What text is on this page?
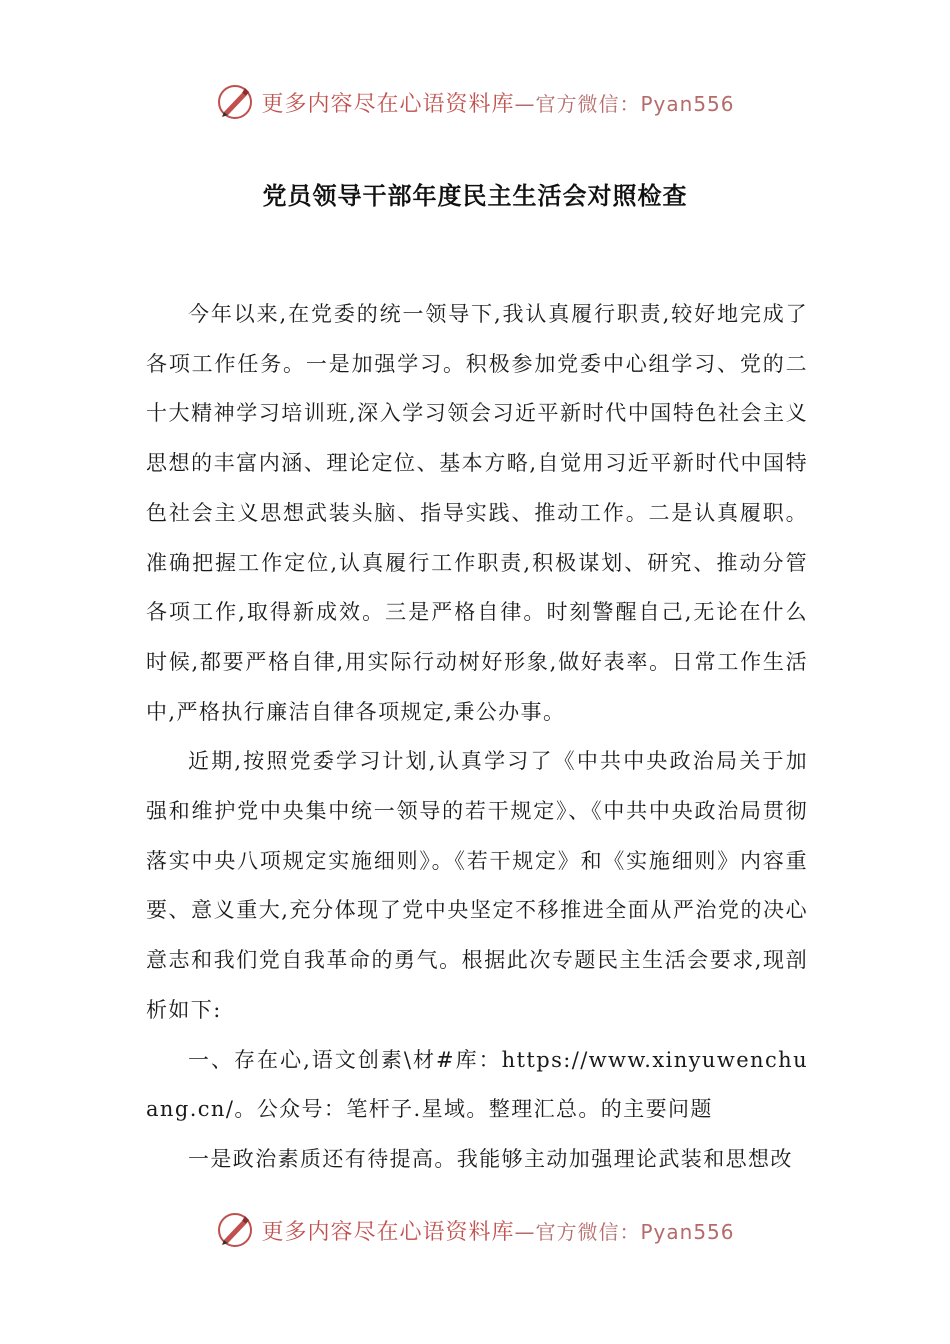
更多内容尽在心语资料库—官方微信：Pyan556
党员领导干部年度民主生活会对照检查

今年以来,在党委的统一领导下,我认真履行职责,较好地完成了各项工作任务。一是加强学习。积极参加党委中心组学习、党的二十大精神学习培训班,深入学习领会习近平新时代中国特色社会主义思想的丰富内涵、理论定位、基本方略,自觉用习近平新时代中国特色社会主义思想武装头脑、指导实践、推动工作。二是认真履职。准确把握工作定位,认真履行工作职责,积极谋划、研究、推动分管各项工作,取得新成效。三是严格自律。时刻警醒自己,无论在什么时候,都要严格自律,用实际行动树好形象,做好表率。日常工作生活中,严格执行廉洁自律各项规定,秉公办事。

近期,按照党委学习计划,认真学习了《中共中央政治局关于加强和维护党中央集中统一领导的若干规定》、《中共中央政治局贯彻落实中央八项规定实施细则》。《若干规定》和《实施细则》内容重要、意义重大,充分体现了党中央坚定不移推进全面从严治党的决心意志和我们党自我革命的勇气。根据此次专题民主生活会要求,现剖析如下:

一、存在心,语文创素\材#库：https://www.xinyuwenchuang.cn/。公众号：笔杆子.星域。整理汇总。的主要问题

一是政治素质还有待提高。我能够主动加强理论武装和思想改

更多内容尽在心语资料库—官方微信：Pyan556
